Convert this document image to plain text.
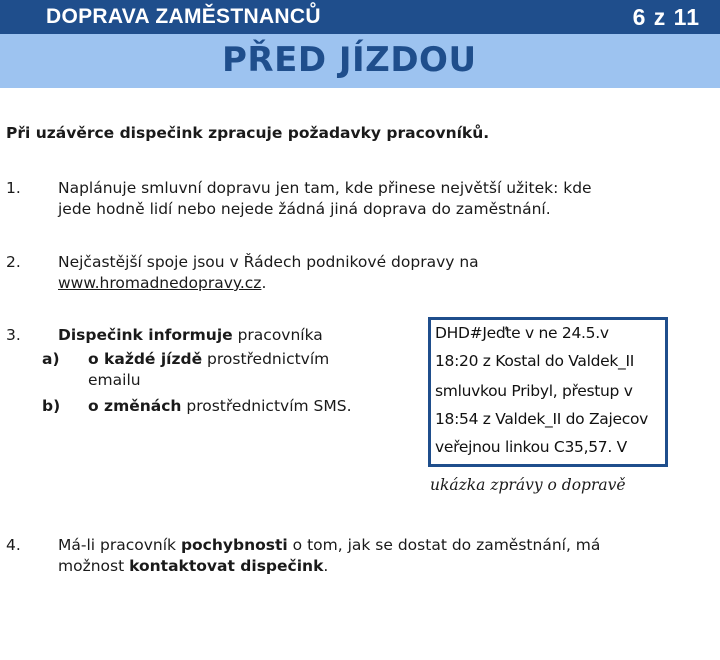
DOPRAVA ZAMĚSTNANCŮ	6 z 11
PŘED JÍZDOU
Při uzávěrce dispečink zpracuje požadavky pracovníků.
1. Naplánuje smluvní dopravu jen tam, kde přinese největší užitek: kde
jede hodně lidí nebo nejede žádná jiná doprava do zaměstnání.
2. Nejčastější spoje jsou v Řádech podnikové dopravy na
www.hromadnedopravy.cz.
3. Dispečink informuje pracovníka
a) o každé jízdě prostřednictvím
emailu
b) o změnách prostřednictvím SMS.
DHD#Jeďte v ne 24.5.v
18:20 z Kostal do Valdek_II
smluvkou Pribyl, přestup v
18:54 z Valdek_II do Zajecov
veřejnou linkou C35,57. V
ukázka zprávy o dopravě
4. Má-li pracovník pochybnosti o tom, jak se dostat do zaměstnání, má
možnost kontaktovat dispečink.
